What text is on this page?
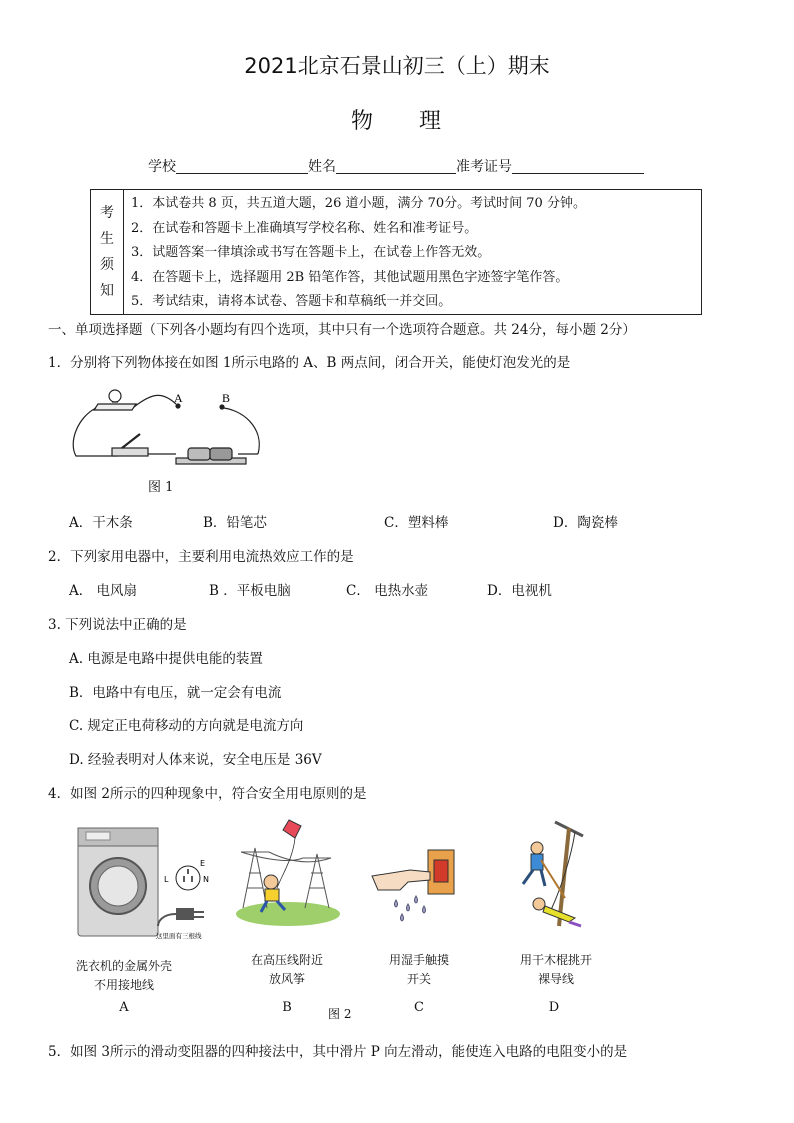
2021北京石景山初三（上）期末
物 理
学校	姓名	准考证号
考
生
须
知
1．本试卷共 8 页，共五道大题，26 道小题，满分 70分。考试时间 70 分钟。
2．在试卷和答题卡上准确填写学校名称、姓名和准考证号。
3．试题答案一律填涂或书写在答题卡上，在试卷上作答无效。
4．在答题卡上，选择题用 2B 铅笔作答，其他试题用黑色字迹签字笔作答。
5．考试结束，请将本试卷、答题卡和草稿纸一并交回。
一、单项选择题（下列各小题均有四个选项，其中只有一个选项符合题意。共 24分，每小题 2分）
1．分别将下列物体接在如图 1所示电路的 A、B 两点间，闭合开关，能使灯泡发光的是
A	B
图 1
A．干木条	B．铅笔芯	C．塑料棒	D．陶瓷棒
2．下列家用电器中，主要利用电流热效应工作的是
A． 电风扇	B ．平板电脑	C． 电热水壶	D．电视机
3. 下列说法中正确的是
A. 电源是电路中提供电能的装置
B．电路中有电压，就一定会有电流
C. 规定正电荷移动的方向就是电流方向
D. 经验表明对人体来说，安全电压是 36V
4．如图 2所示的四种现象中，符合安全用电原则的是
L
E
N
这里面有三根线
洗衣机的金属外壳
不用接地线
在高压线附近
放风筝
用湿手触摸
开关
用干木棍挑开
裸导线
A	B	图 2	C	D
5．如图 3所示的滑动变阻器的四种接法中，其中滑片 P 向左滑动，能使连入电路的电阻变小的是
